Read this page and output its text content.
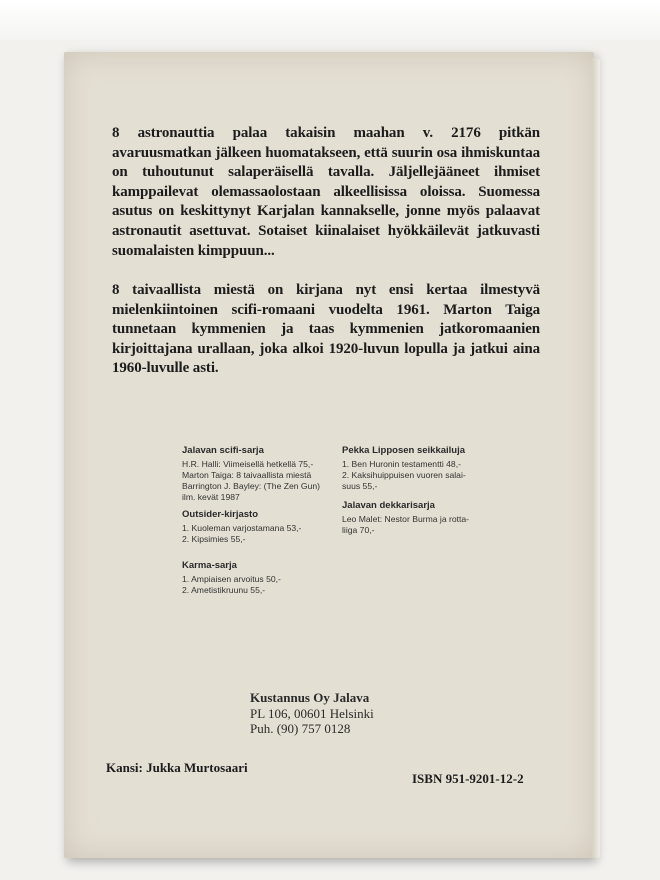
8 astronauttia palaa takaisin maahan v. 2176 pitkän avaruusmatkan jälkeen huomatakseen, että suurin osa ihmiskuntaa on tuhoutunut salaperäisellä tavalla. Jäljellejääneet ihmiset kamppailevat olemassaolostaan alkeellisissa oloissa. Suomessa asutus on keskittynyt Karjalan kannakselle, jonne myös palaavat astronautit asettuvat. Sotaiset kiinalaiset hyökkäilevät jatkuvasti suomalaisten kimppuun...

8 taivaallista miestä on kirjana nyt ensi kertaa ilmestyvä mielenkiintoinen scifi-romaani vuodelta 1961. Marton Taiga tunnetaan kymmenien ja taas kymmenien jatkoromaanien kirjoittajana urallaan, joka alkoi 1920-luvun lopulla ja jatkui aina 1960-luvulle asti.

Jalavan scifi-sarja
H.R. Halli: Viimeisellä hetkellä 75,-
Marton Taiga: 8 taivaallista miestä
Barrington J. Bayley: (The Zen Gun)
ilm. kevät 1987
Outsider-kirjasto
1. Kuoleman varjostamana 53,-
2. Kipsimies 55,-
Karma-sarja
1. Ampiaisen arvoitus 50,-
2. Ametistikruunu 55,-
Pekka Lipposen seikkailuja
1. Ben Huronin testamentti 48,-
2. Kaksihuippuisen vuoren salai-
suus 55,-
Jalavan dekkarisarja
Leo Malet: Nestor Burma ja rotta-
liiga 70,-
Kustannus Oy Jalava
PL 106, 00601 Helsinki
Puh. (90) 757 0128
Kansi: Jukka Murtosaari
ISBN 951-9201-12-2
